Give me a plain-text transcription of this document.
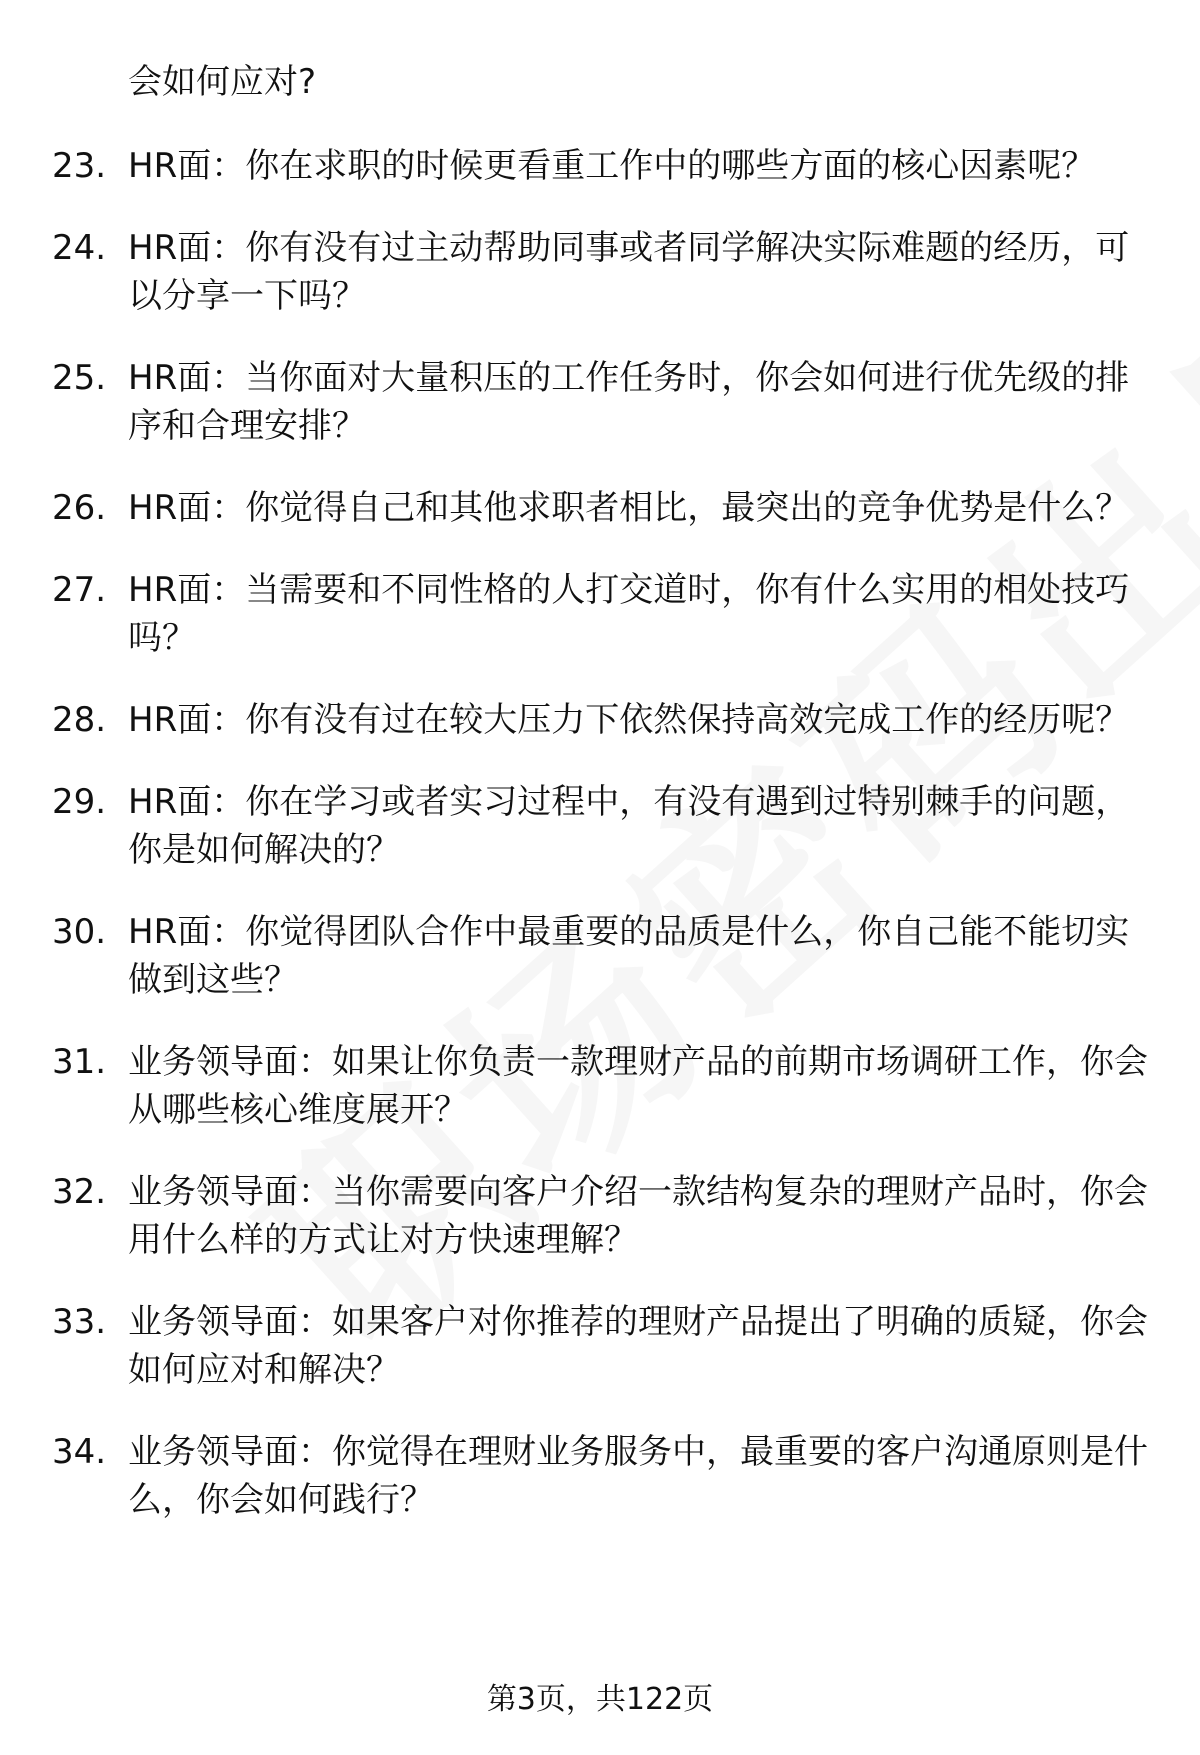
会如何应对?
23. HR面：你在求职的时候更看重工作中的哪些方面的核心因素呢？
24. HR面：你有没有过主动帮助同事或者同学解决实际难题的经历，可以分享一下吗？
25. HR面：当你面对大量积压的工作任务时，你会如何进行优先级的排序和合理安排？
26. HR面：你觉得自己和其他求职者相比，最突出的竞争优势是什么？
27. HR面：当需要和不同性格的人打交道时，你有什么实用的相处技巧吗？
28. HR面：你有没有过在较大压力下依然保持高效完成工作的经历呢？
29. HR面：你在学习或者实习过程中，有没有遇到过特别棘手的问题，你是如何解决的？
30. HR面：你觉得团队合作中最重要的品质是什么，你自己能不能切实做到这些？
31. 业务领导面：如果让你负责一款理财产品的前期市场调研工作，你会从哪些核心维度展开？
32. 业务领导面：当你需要向客户介绍一款结构复杂的理财产品时，你会用什么样的方式让对方快速理解？
33. 业务领导面：如果客户对你推荐的理财产品提出了明确的质疑，你会如何应对和解决？
34. 业务领导面：你觉得在理财业务服务中，最重要的客户沟通原则是什么，你会如何践行？
第3页，共122页
